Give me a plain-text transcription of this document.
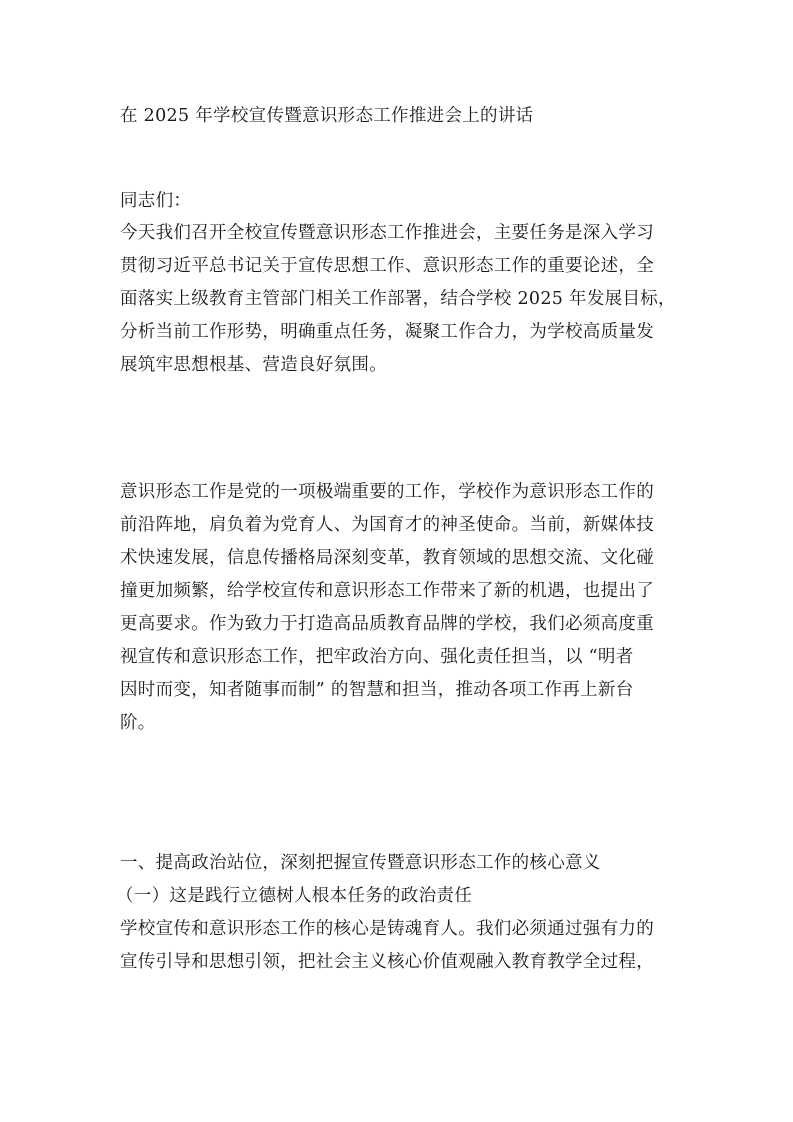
在 2025 年学校宣传暨意识形态工作推进会上的讲话
同志们：
今天我们召开全校宣传暨意识形态工作推进会，主要任务是深入学习
贯彻习近平总书记关于宣传思想工作、意识形态工作的重要论述，全
面落实上级教育主管部门相关工作部署，结合学校 2025 年发展目标，
分析当前工作形势，明确重点任务，凝聚工作合力，为学校高质量发
展筑牢思想根基、营造良好氛围。
意识形态工作是党的一项极端重要的工作，学校作为意识形态工作的
前沿阵地，肩负着为党育人、为国育才的神圣使命。当前，新媒体技
术快速发展，信息传播格局深刻变革，教育领域的思想交流、文化碰
撞更加频繁，给学校宣传和意识形态工作带来了新的机遇，也提出了
更高要求。作为致力于打造高品质教育品牌的学校，我们必须高度重
视宣传和意识形态工作，把牢政治方向、强化责任担当，以 “明者
因时而变，知者随事而制” 的智慧和担当，推动各项工作再上新台
阶。
一、提高政治站位，深刻把握宣传暨意识形态工作的核心意义
（一）这是践行立德树人根本任务的政治责任
学校宣传和意识形态工作的核心是铸魂育人。我们必须通过强有力的
宣传引导和思想引领，把社会主义核心价值观融入教育教学全过程，
